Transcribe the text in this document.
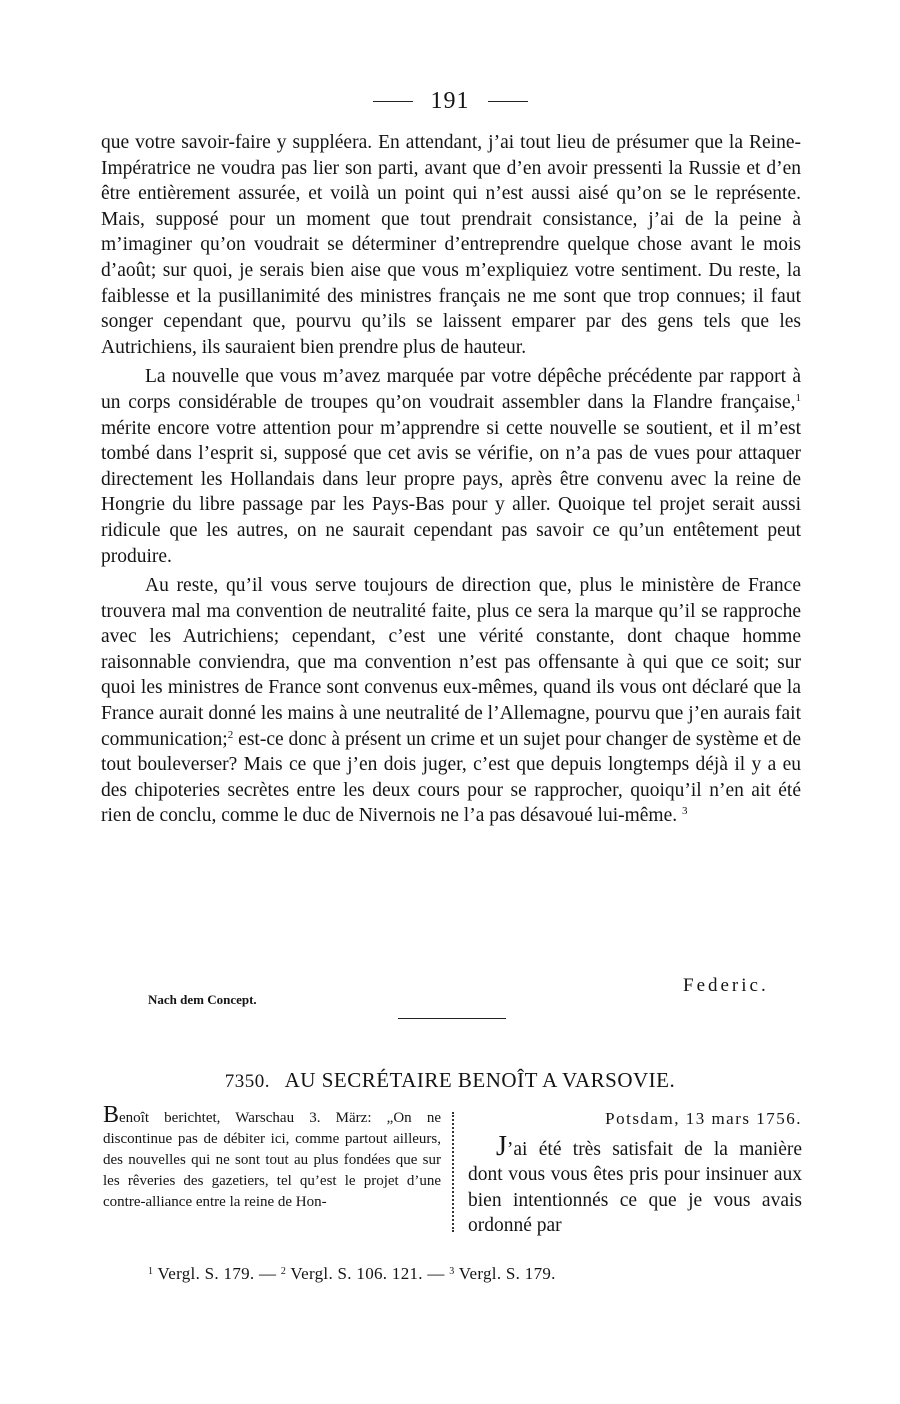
191

que votre savoir-faire y suppléera. En attendant, j’ai tout lieu de présumer que la Reine-Impératrice ne voudra pas lier son parti, avant que d’en avoir pressenti la Russie et d’en être entièrement assurée, et voilà un point qui n’est aussi aisé qu’on se le représente. Mais, supposé pour un moment que tout prendrait consistance, j’ai de la peine à m’imaginer qu’on voudrait se déterminer d’entreprendre quelque chose avant le mois d’août; sur quoi, je serais bien aise que vous m’expliquiez votre sentiment. Du reste, la faiblesse et la pusillanimité des ministres français ne me sont que trop connues; il faut songer cependant que, pourvu qu’ils se laissent emparer par des gens tels que les Autrichiens, ils sauraient bien prendre plus de hauteur.

La nouvelle que vous m’avez marquée par votre dépêche précédente par rapport à un corps considérable de troupes qu’on voudrait assembler dans la Flandre française,$^1$ mérite encore votre attention pour m’apprendre si cette nouvelle se soutient, et il m’est tombé dans l’esprit si, supposé que cet avis se vérifie, on n’a pas de vues pour attaquer directement les Hollandais dans leur propre pays, après être convenu avec la reine de Hongrie du libre passage par les Pays-Bas pour y aller. Quoique tel projet serait aussi ridicule que les autres, on ne saurait cependant pas savoir ce qu’un entêtement peut produire.

Au reste, qu’il vous serve toujours de direction que, plus le ministère de France trouvera mal ma convention de neutralité faite, plus ce sera la marque qu’il se rapproche avec les Autrichiens; cependant, c’est une vérité constante, dont chaque homme raisonnable conviendra, que ma convention n’est pas offensante à qui que ce soit; sur quoi les ministres de France sont convenus eux-mêmes, quand ils vous ont déclaré que la France aurait donné les mains à une neutralité de l’Allemagne, pourvu que j’en aurais fait communication;$^2$ est-ce donc à présent un crime et un sujet pour changer de système et de tout bouleverser? Mais ce que j’en dois juger, c’est que depuis longtemps déjà il y a eu des chipoteries secrètes entre les deux cours pour se rapprocher, quoiqu’il n’en ait été rien de conclu, comme le duc de Nivernois ne l’a pas désavoué lui-même. $^3$

Federic.
Nach dem Concept.
7350. AU SECRÉTAIRE BENOÎT A VARSOVIE.
Benoît berichtet, Warschau 3. März: „On ne discontinue pas de débiter ici, comme partout ailleurs, des nouvelles qui ne sont tout au plus fondées que sur les rêveries des gazetiers, tel qu’est le projet d’une contre-alliance entre la reine de Hon-
Potsdam, 13 mars 1756.

J’ai été très satisfait de la manière dont vous vous êtes pris pour insinuer aux bien intentionnés ce que je vous avais ordonné par

$^1$ Vergl. S. 179. — $^2$ Vergl. S. 106. 121. — $^3$ Vergl. S. 179.
